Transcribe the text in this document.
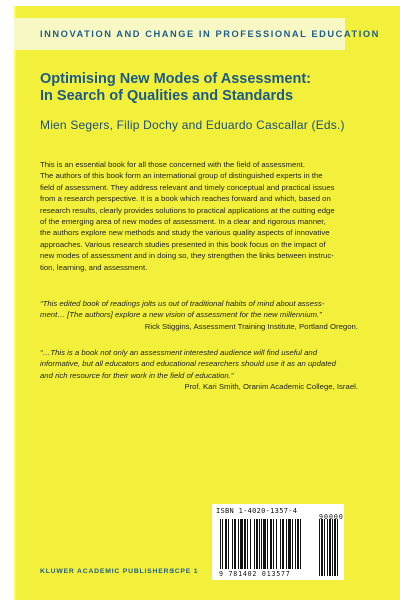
INNOVATION AND CHANGE IN PROFESSIONAL EDUCATION
Optimising New Modes of Assessment:
In Search of Qualities and Standards
Mien Segers, Filip Dochy and Eduardo Cascallar (Eds.)

This is an essential book for all those concerned with the field of assessment.
The authors of this book form an international group of distinguished experts in the
field of assessment. They address relevant and timely conceptual and practical issues
from a research perspective. It is a book which reaches forward and which, based on
research results, clearly provides solutions to practical applications at the cutting edge
of the emerging area of new modes of assessment. In a clear and rigorous manner,
the authors explore new methods and study the various quality aspects of innovative
approaches. Various research studies presented in this book focus on the impact of
new modes of assessment and in doing so, they strengthen the links between instruc-
tion, learning, and assessment.

“This edited book of readings jolts us out of traditional habits of mind about assess-
ment… [The authors] explore a new vision of assessment for the new millennium.”
Rick Stiggins, Assessment Training Institute, Portland Oregon.
“…This is a book not only an assessment interested audience will find useful and
informative, but all educators and educational researchers should use it as an updated
and rich resource for their work in the field of education.”
Prof. Kari Smith, Oranim Academic College, Israel.
ISBN 1-4020-1357-4
90000
9 781402 013577
KLUWER ACADEMIC PUBLISHERS
ICPE 1
